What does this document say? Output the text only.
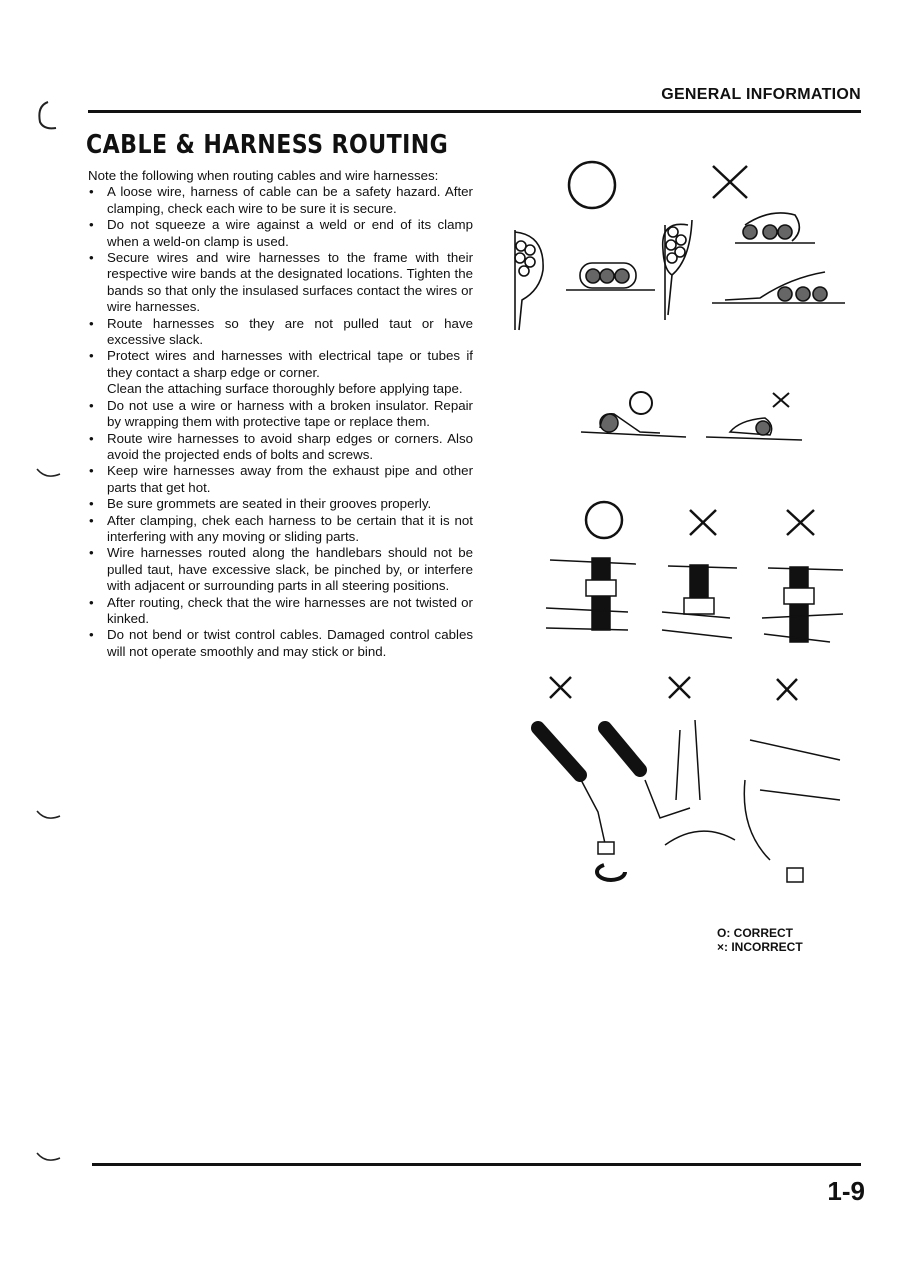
GENERAL INFORMATION
CABLE & HARNESS ROUTING

Note the following when routing cables and wire harnesses:

• A loose wire, harness of cable can be a safety hazard. After clamping, check each wire to be sure it is secure.
• Do not squeeze a wire against a weld or end of its clamp when a weld-on clamp is used.
• Secure wires and wire harnesses to the frame with their respective wire bands at the designated locations. Tighten the bands so that only the insulased surfaces contact the wires or wire harnesses.
• Route harnesses so they are not pulled taut or have excessive slack.
• Protect wires and harnesses with electrical tape or tubes if they contact a sharp edge or corner.
Clean the attaching surface thoroughly before applying tape.
• Do not use a wire or harness with a broken insulator. Repair by wrapping them with protective tape or replace them.
• Route wire harnesses to avoid sharp edges or corners. Also avoid the projected ends of bolts and screws.
• Keep wire harnesses away from the exhaust pipe and other parts that get hot.
• Be sure grommets are seated in their grooves properly.
• After clamping, chek each harness to be certain that it is not interfering with any moving or sliding parts.
• Wire harnesses routed along the handlebars should not be pulled taut, have excessive slack, be pinched by, or interfere with adjacent or surrounding parts in all steering positions.
• After routing, check that the wire harnesses are not twisted or kinked.
• Do not bend or twist control cables. Damaged control cables will not operate smoothly and may stick or bind.
O: CORRECT
×: INCORRECT
1-9
